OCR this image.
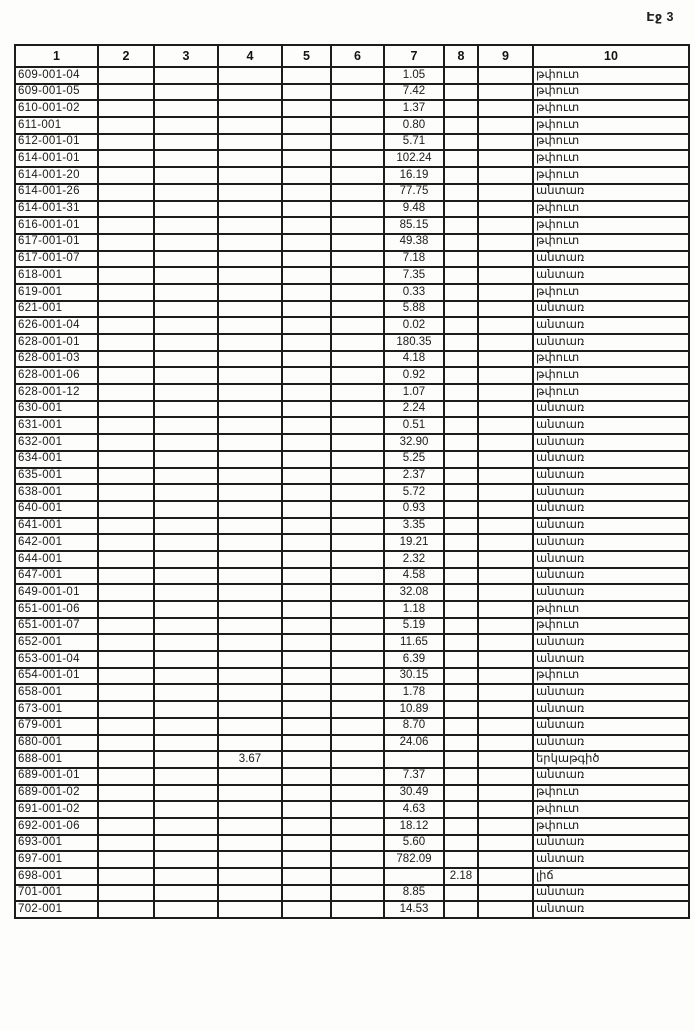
Էջ 3
1	2	3	4	5	6	7	8	9	10
609-001-04						1.05			թփուտ
609-001-05						7.42			թփուտ
610-001-02						1.37			թփուտ
611-001						0.80			թփուտ
612-001-01						5.71			թփուտ
614-001-01						102.24			թփուտ
614-001-20						16.19			թփուտ
614-001-26						77.75			անտառ
614-001-31						9.48			թփուտ
616-001-01						85.15			թփուտ
617-001-01						49.38			թփուտ
617-001-07						7.18			անտառ
618-001						7.35			անտառ
619-001						0.33			թփուտ
621-001						5.88			անտառ
626-001-04						0.02			անտառ
628-001-01						180.35			անտառ
628-001-03						4.18			թփուտ
628-001-06						0.92			թփուտ
628-001-12						1.07			թփուտ
630-001						2.24			անտառ
631-001						0.51			անտառ
632-001						32.90			անտառ
634-001						5.25			անտառ
635-001						2.37			անտառ
638-001						5.72			անտառ
640-001						0.93			անտառ
641-001						3.35			անտառ
642-001						19.21			անտառ
644-001						2.32			անտառ
647-001						4.58			անտառ
649-001-01						32.08			անտառ
651-001-06						1.18			թփուտ
651-001-07						5.19			թփուտ
652-001						11.65			անտառ
653-001-04						6.39			անտառ
654-001-01						30.15			թփուտ
658-001						1.78			անտառ
673-001						10.89			անտառ
679-001						8.70			անտառ
680-001						24.06			անտառ
688-001			3.67						երկաթգիծ
689-001-01						7.37			անտառ
689-001-02						30.49			թփուտ
691-001-02						4.63			թփուտ
692-001-06						18.12			թփուտ
693-001						5.60			անտառ
697-001						782.09			անտառ
698-001							2.18		լիճ
701-001						8.85			անտառ
702-001						14.53			անտառ
